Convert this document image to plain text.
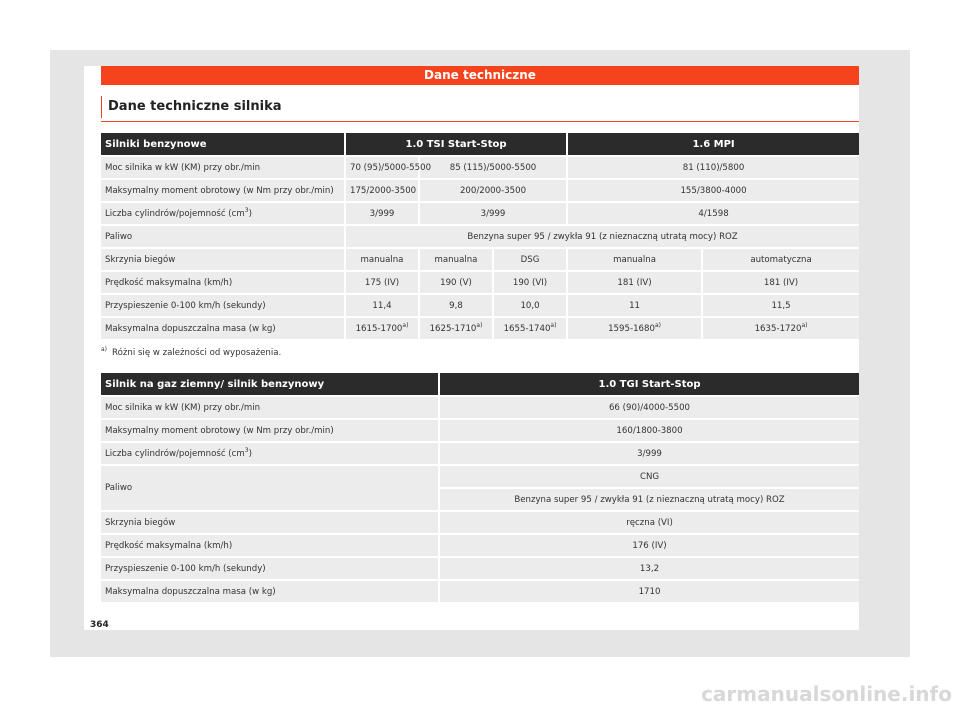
Dane techniczne
Dane techniczne silnika
Silniki benzynowe	1.0 TSI Start-Stop			1.6 MPI	
Moc silnika w kW (KM) przy obr./min	70 (95)/5000-5500	85 (115)/5000-5500		81 (110)/5800	
Maksymalny moment obrotowy (w Nm przy obr./min)	175/2000-3500	200/2000-3500		155/3800-4000	
Liczba cylindrów/pojemność $(cm^3)$	3/999	3/999		4/1598	
Paliwo	Benzyna super 95 / zwykła 91 (z nieznaczną utratą mocy) ROZ				
Skrzynia biegów	manualna	manualna	DSG	manualna	automatyczna
Prędkość maksymalna (km/h)	175 (IV)	190 (V)	190 (VI)	181 (IV)	181 (IV)
Przyspieszenie 0-100 km/h (sekundy)	11,4	9,8	10,0	11	11,5
Maksymalna dopuszczalna masa (w kg)	1615-1700$^{a)}$	1625-1710$^{a)}$	1655-1740$^{a)}$	1595-1680$^{a)}$	1635-1720$^{a)}$
$^{a)}$ Różni się w zależności od wyposażenia.
Silnik na gaz ziemny/ silnik benzynowy	1.0 TGI Start-Stop
Moc silnika w kW (KM) przy obr./min	66 (90)/4000-5500
Maksymalny moment obrotowy (w Nm przy obr./min)	160/1800-3800
Liczba cylindrów/pojemność $(cm^3)$	3/999
Paliwo	CNG
	Benzyna super 95 / zwykła 91 (z nieznaczną utratą mocy) ROZ
Skrzynia biegów	ręczna (VI)
Prędkość maksymalna (km/h)	176 (IV)
Przyspieszenie 0-100 km/h (sekundy)	13,2
Maksymalna dopuszczalna masa (w kg)	1710
364
carmanualsonline.info
